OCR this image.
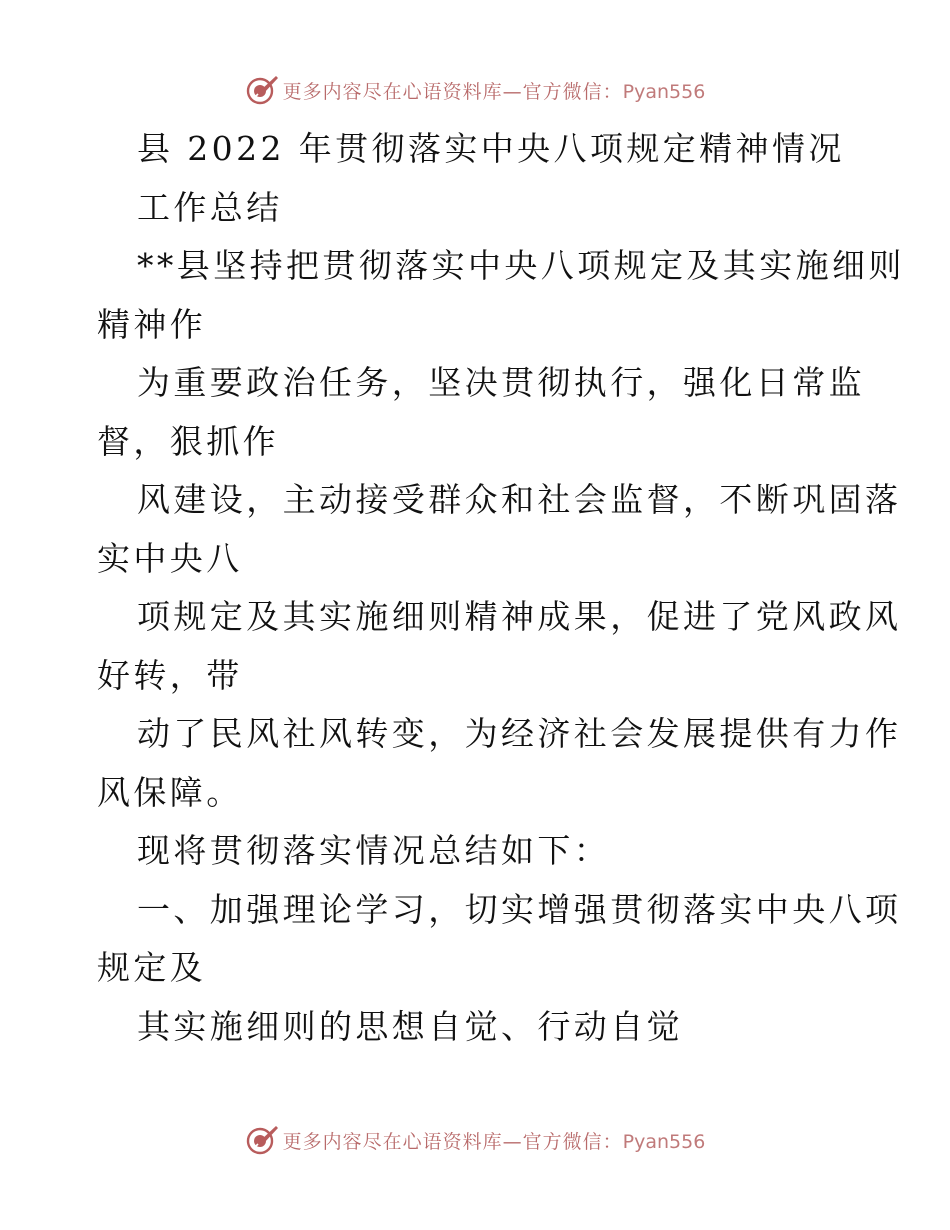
更多内容尽在心语资料库—官方微信：Pyan556
县 2022 年贯彻落实中央八项规定精神情况
工作总结
**县坚持把贯彻落实中央八项规定及其实施细则
精神作
为重要政治任务，坚决贯彻执行，强化日常监
督，狠抓作
风建设，主动接受群众和社会监督，不断巩固落
实中央八
项规定及其实施细则精神成果，促进了党风政风
好转，带
动了民风社风转变，为经济社会发展提供有力作
风保障。
现将贯彻落实情况总结如下：
一、加强理论学习，切实增强贯彻落实中央八项
规定及
其实施细则的思想自觉、行动自觉
更多内容尽在心语资料库—官方微信：Pyan556
